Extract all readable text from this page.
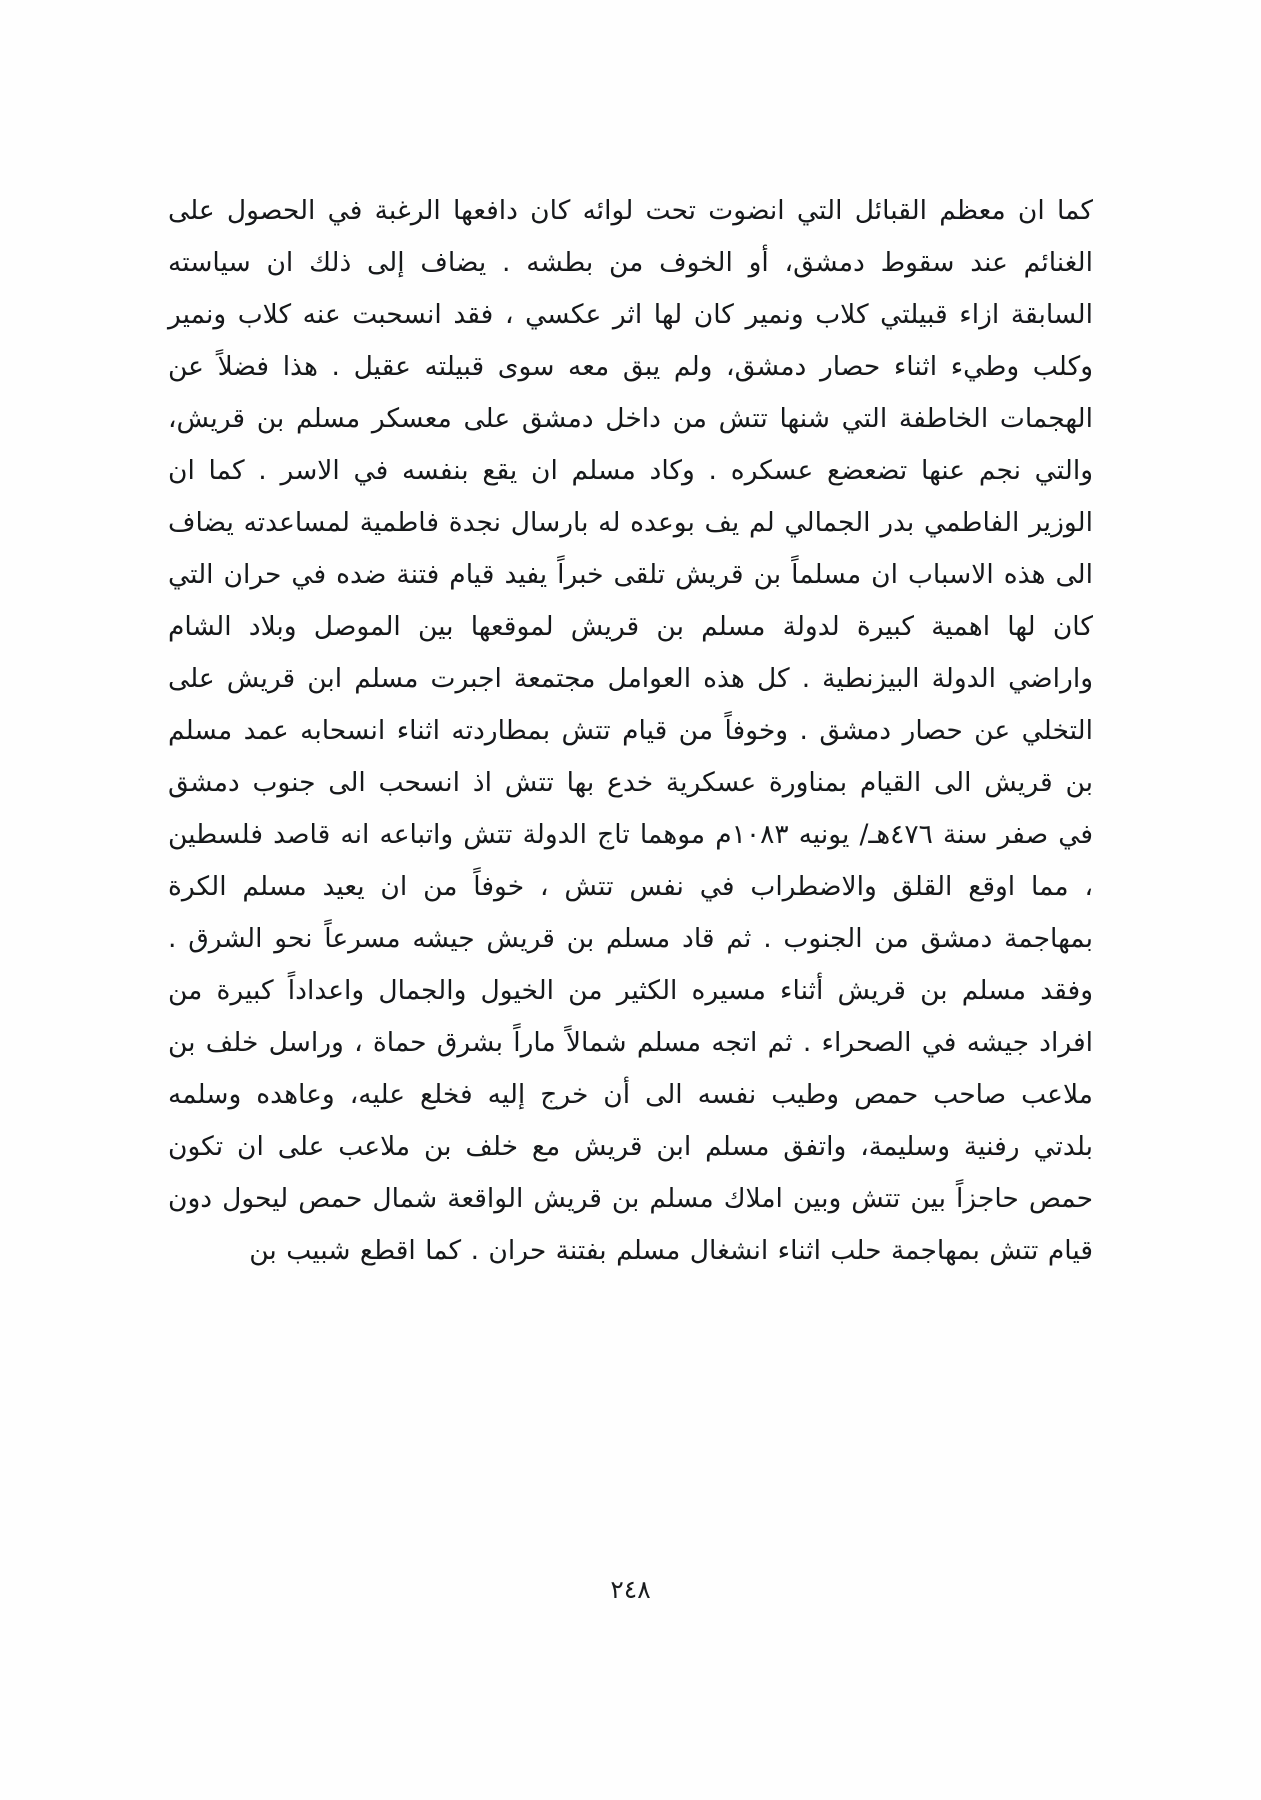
كما ان معظم القبائل التي انضوت تحت لوائه كان دافعها الرغبة في الحصول على الغنائم عند سقوط دمشق، أو الخوف من بطشه . يضاف إلى ذلك ان سياسته السابقة ازاء قبيلتي كلاب ونمير كان لها اثر عكسي ، فقد انسحبت عنه كلاب ونمير وكلب وطيء اثناء حصار دمشق، ولم يبق معه سوى قبيلته عقيل . هذا فضلاً عن الهجمات الخاطفة التي شنها تتش من داخل دمشق على معسكر مسلم بن قريش، والتي نجم عنها تضعضع عسكره . وكاد مسلم ان يقع بنفسه في الاسر . كما ان الوزير الفاطمي بدر الجمالي لم يف بوعده له بارسال نجدة فاطمية لمساعدته يضاف الى هذه الاسباب ان مسلماً بن قريش تلقى خبراً يفيد قيام فتنة ضده في حران التي كان لها اهمية كبيرة لدولة مسلم بن قريش لموقعها بين الموصل وبلاد الشام واراضي الدولة البيزنطية . كل هذه العوامل مجتمعة اجبرت مسلم ابن قريش على التخلي عن حصار دمشق . وخوفاً من قيام تتش بمطاردته اثناء انسحابه عمد مسلم بن قريش الى القيام بمناورة عسكرية خدع بها تتش اذ انسحب الى جنوب دمشق في صفر سنة ٤٧٦هـ/ يونيه ١٠٨٣م موهما تاج الدولة تتش واتباعه انه قاصد فلسطين ، مما اوقع القلق والاضطراب في نفس تتش ، خوفاً من ان يعيد مسلم الكرة بمهاجمة دمشق من الجنوب . ثم قاد مسلم بن قريش جيشه مسرعاً نحو الشرق . وفقد مسلم بن قريش أثناء مسيره الكثير من الخيول والجمال واعداداً كبيرة من افراد جيشه في الصحراء . ثم اتجه مسلم شمالاً ماراً بشرق حماة ، وراسل خلف بن ملاعب صاحب حمص وطيب نفسه الى أن خرج إليه فخلع عليه، وعاهده وسلمه بلدتي رفنية وسليمة، واتفق مسلم ابن قريش مع خلف بن ملاعب على ان تكون حمص حاجزاً بين تتش وبين املاك مسلم بن قريش الواقعة شمال حمص ليحول دون قيام تتش بمهاجمة حلب اثناء انشغال مسلم بفتنة حران . كما اقطع شبيب بن

٢٤٨
